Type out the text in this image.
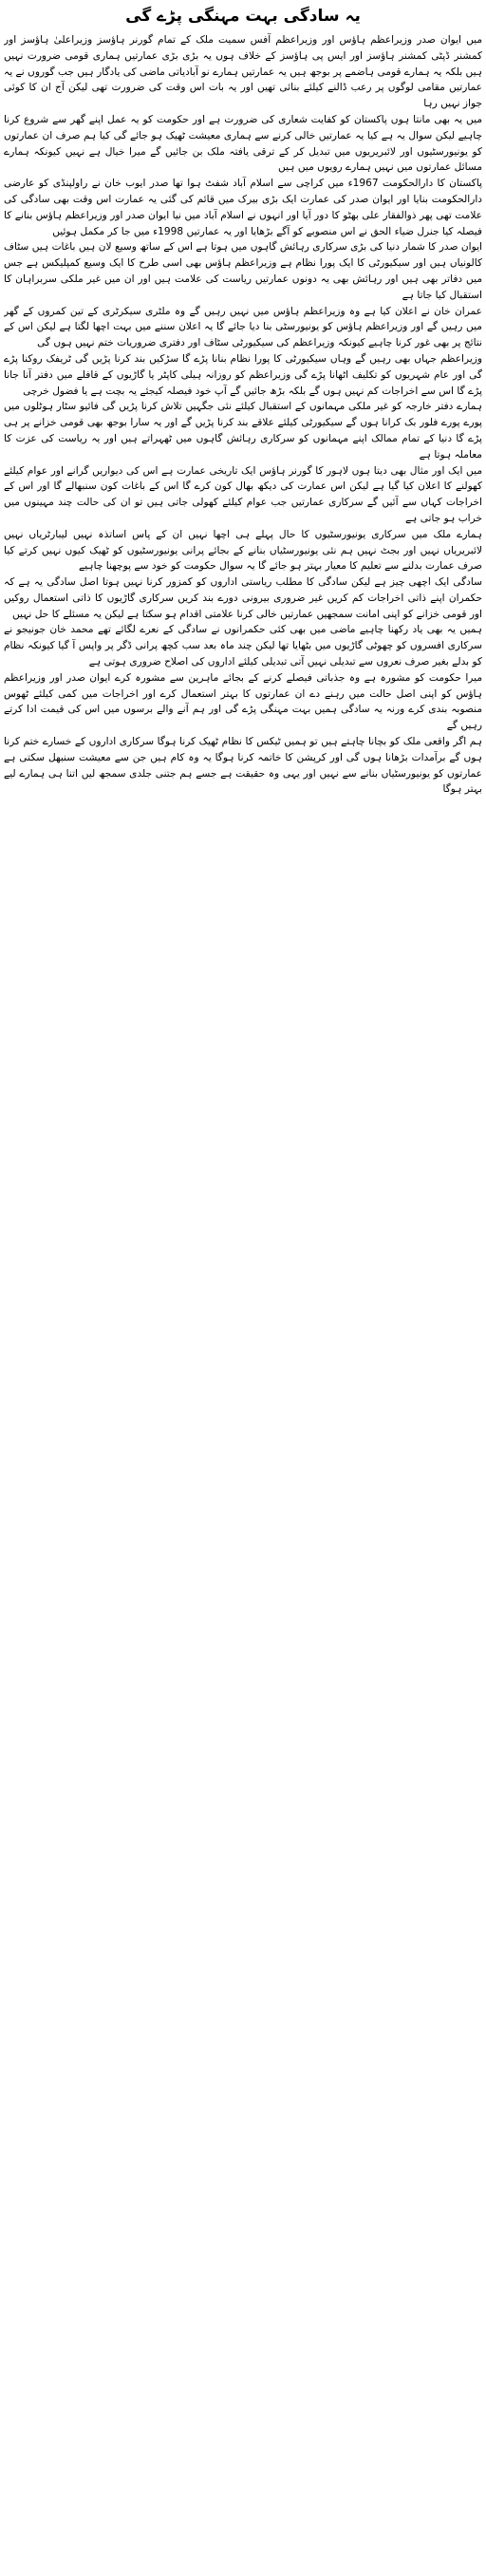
یہ سادگی بہت مہنگی پڑے گی

میں ایوان صدر وزیراعظم ہاؤس اور وزیراعظم آفس سمیت ملک کے تمام گورنر ہاؤسز وزیراعلیٰ ہاؤسز اور کمشنر ڈپٹی کمشنر ہاؤسز اور ایس پی ہاؤسز کے خلاف ہوں یہ بڑی بڑی عمارتیں ہماری قومی ضرورت نہیں ہیں بلکہ یہ ہمارے قومی ہاضمے پر بوجھ ہیں یہ عمارتیں ہمارے نو آبادیاتی ماضی کی یادگار ہیں جب گوروں نے یہ عمارتیں مقامی لوگوں پر رعب ڈالنے کیلئے بنائی تھیں اور یہ بات اس وقت کی ضرورت تھی لیکن آج ان کا کوئی جواز نہیں رہا

میں یہ بھی مانتا ہوں پاکستان کو کفایت شعاری کی ضرورت ہے اور حکومت کو یہ عمل اپنے گھر سے شروع کرنا چاہیے لیکن سوال یہ ہے کیا یہ عمارتیں خالی کرنے سے ہماری معیشت ٹھیک ہو جائے گی کیا ہم صرف ان عمارتوں کو یونیورسٹیوں اور لائبریریوں میں تبدیل کر کے ترقی یافتہ ملک بن جائیں گے میرا خیال ہے نہیں کیونکہ ہمارے مسائل عمارتوں میں نہیں ہمارے رویوں میں ہیں

پاکستان کا دارالحکومت 1967ء میں کراچی سے اسلام آباد شفٹ ہوا تھا صدر ایوب خان نے راولپنڈی کو عارضی دارالحکومت بنایا اور ایوان صدر کی عمارت ایک بڑی بیرک میں قائم کی گئی یہ عمارت اس وقت بھی سادگی کی علامت تھی پھر ذوالفقار علی بھٹو کا دور آیا اور انہوں نے اسلام آباد میں نیا ایوان صدر اور وزیراعظم ہاؤس بنانے کا فیصلہ کیا جنرل ضیاء الحق نے اس منصوبے کو آگے بڑھایا اور یہ عمارتیں 1998ء میں جا کر مکمل ہوئیں

ایوان صدر کا شمار دنیا کی بڑی سرکاری رہائش گاہوں میں ہوتا ہے اس کے ساتھ وسیع لان ہیں باغات ہیں سٹاف کالونیاں ہیں اور سیکیورٹی کا ایک پورا نظام ہے وزیراعظم ہاؤس بھی اسی طرح کا ایک وسیع کمپلیکس ہے جس میں دفاتر بھی ہیں اور رہائش بھی یہ دونوں عمارتیں ریاست کی علامت ہیں اور ان میں غیر ملکی سربراہان کا استقبال کیا جاتا ہے

عمران خان نے اعلان کیا ہے وہ وزیراعظم ہاؤس میں نہیں رہیں گے وہ ملٹری سیکرٹری کے تین کمروں کے گھر میں رہیں گے اور وزیراعظم ہاؤس کو یونیورسٹی بنا دیا جائے گا یہ اعلان سننے میں بہت اچھا لگتا ہے لیکن اس کے نتائج پر بھی غور کرنا چاہیے کیونکہ وزیراعظم کی سیکیورٹی سٹاف اور دفتری ضروریات ختم نہیں ہوں گی

وزیراعظم جہاں بھی رہیں گے وہاں سیکیورٹی کا پورا نظام بنانا پڑے گا سڑکیں بند کرنا پڑیں گی ٹریفک روکنا پڑے گی اور عام شہریوں کو تکلیف اٹھانا پڑے گی وزیراعظم کو روزانہ ہیلی کاپٹر یا گاڑیوں کے قافلے میں دفتر آنا جانا پڑے گا اس سے اخراجات کم نہیں ہوں گے بلکہ بڑھ جائیں گے آپ خود فیصلہ کیجئے یہ بچت ہے یا فضول خرچی

ہمارے دفتر خارجہ کو غیر ملکی مہمانوں کے استقبال کیلئے نئی جگہیں تلاش کرنا پڑیں گی فائیو سٹار ہوٹلوں میں پورے پورے فلور بک کرانا ہوں گے سیکیورٹی کیلئے علاقے بند کرنا پڑیں گے اور یہ سارا بوجھ بھی قومی خزانے پر ہی پڑے گا دنیا کے تمام ممالک اپنے مہمانوں کو سرکاری رہائش گاہوں میں ٹھہراتے ہیں اور یہ ریاست کی عزت کا معاملہ ہوتا ہے

میں ایک اور مثال بھی دیتا ہوں لاہور کا گورنر ہاؤس ایک تاریخی عمارت ہے اس کی دیواریں گرانے اور عوام کیلئے کھولنے کا اعلان کیا گیا ہے لیکن اس عمارت کی دیکھ بھال کون کرے گا اس کے باغات کون سنبھالے گا اور اس کے اخراجات کہاں سے آئیں گے سرکاری عمارتیں جب عوام کیلئے کھولی جاتی ہیں تو ان کی حالت چند مہینوں میں خراب ہو جاتی ہے

ہمارے ملک میں سرکاری یونیورسٹیوں کا حال پہلے ہی اچھا نہیں ان کے پاس اساتذہ نہیں لیبارٹریاں نہیں لائبریریاں نہیں اور بجٹ نہیں ہم نئی یونیورسٹیاں بنانے کے بجائے پرانی یونیورسٹیوں کو ٹھیک کیوں نہیں کرتے کیا صرف عمارت بدلنے سے تعلیم کا معیار بہتر ہو جائے گا یہ سوال حکومت کو خود سے پوچھنا چاہیے

سادگی ایک اچھی چیز ہے لیکن سادگی کا مطلب ریاستی اداروں کو کمزور کرنا نہیں ہوتا اصل سادگی یہ ہے کہ حکمران اپنے ذاتی اخراجات کم کریں غیر ضروری بیرونی دورے بند کریں سرکاری گاڑیوں کا ذاتی استعمال روکیں اور قومی خزانے کو اپنی امانت سمجھیں عمارتیں خالی کرنا علامتی اقدام ہو سکتا ہے لیکن یہ مسئلے کا حل نہیں

ہمیں یہ بھی یاد رکھنا چاہیے ماضی میں بھی کئی حکمرانوں نے سادگی کے نعرے لگائے تھے محمد خان جونیجو نے سرکاری افسروں کو چھوٹی گاڑیوں میں بٹھایا تھا لیکن چند ماہ بعد سب کچھ پرانی ڈگر پر واپس آ گیا کیونکہ نظام کو بدلے بغیر صرف نعروں سے تبدیلی نہیں آتی تبدیلی کیلئے اداروں کی اصلاح ضروری ہوتی ہے

میرا حکومت کو مشورہ ہے وہ جذباتی فیصلے کرنے کے بجائے ماہرین سے مشورہ کرے ایوان صدر اور وزیراعظم ہاؤس کو اپنی اصل حالت میں رہنے دے ان عمارتوں کا بہتر استعمال کرے اور اخراجات میں کمی کیلئے ٹھوس منصوبہ بندی کرے ورنہ یہ سادگی ہمیں بہت مہنگی پڑے گی اور ہم آنے والے برسوں میں اس کی قیمت ادا کرتے رہیں گے

ہم اگر واقعی ملک کو بچانا چاہتے ہیں تو ہمیں ٹیکس کا نظام ٹھیک کرنا ہوگا سرکاری اداروں کے خسارے ختم کرنا ہوں گے برآمدات بڑھانا ہوں گی اور کرپشن کا خاتمہ کرنا ہوگا یہ وہ کام ہیں جن سے معیشت سنبھل سکتی ہے عمارتوں کو یونیورسٹیاں بنانے سے نہیں اور یہی وہ حقیقت ہے جسے ہم جتنی جلدی سمجھ لیں اتنا ہی ہمارے لیے بہتر ہوگا
